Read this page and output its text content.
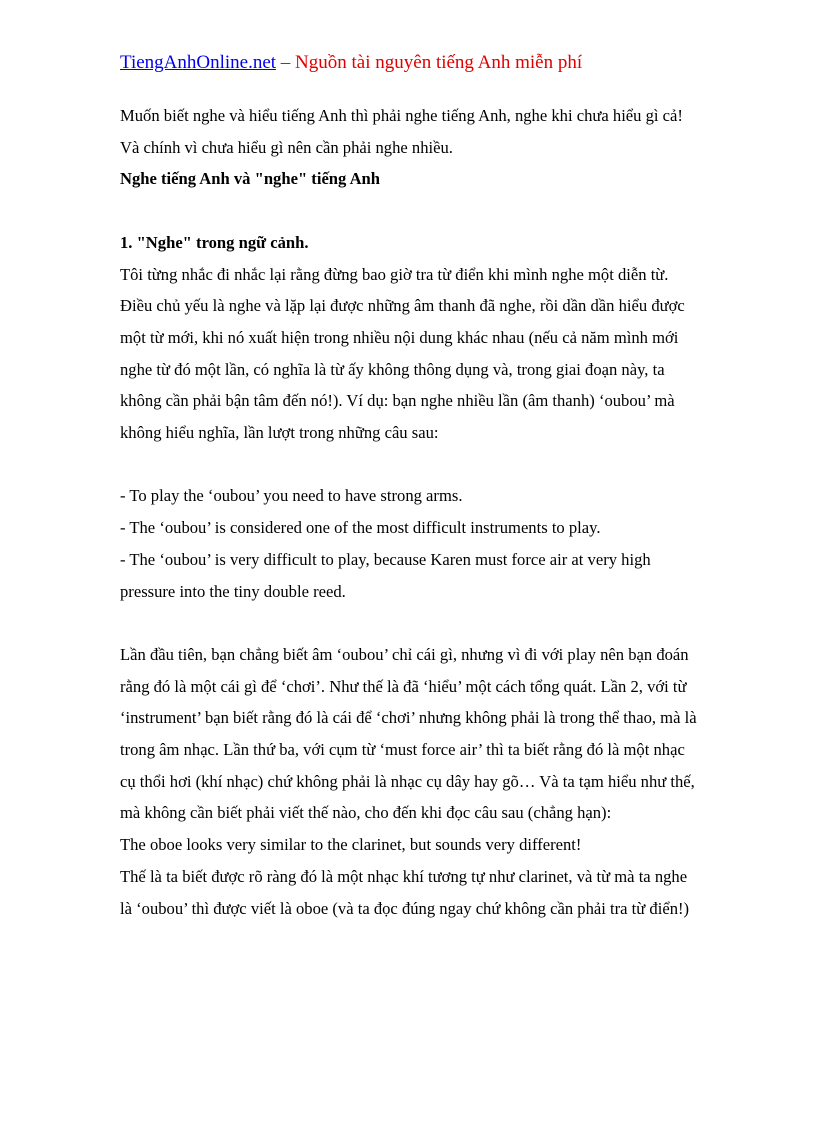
TiengAnhOnline.net – Nguồn tài nguyên tiếng Anh miễn phí

Muốn biết nghe và hiểu tiếng Anh thì phải nghe tiếng Anh, nghe khi chưa hiểu gì cả! Và chính vì chưa hiểu gì nên cần phải nghe nhiều.

Nghe tiếng Anh và "nghe" tiếng Anh

1. "Nghe" trong ngữ cảnh.

Tôi từng nhắc đi nhắc lại rằng đừng bao giờ tra từ điển khi mình nghe một diễn từ. Điều chủ yếu là nghe và lặp lại được những âm thanh đã nghe, rồi dần dần hiểu được một từ mới, khi nó xuất hiện trong nhiều nội dung khác nhau (nếu cả năm mình mới nghe từ đó một lần, có nghĩa là từ ấy không thông dụng và, trong giai đoạn này, ta không cần phải bận tâm đến nó!). Ví dụ: bạn nghe nhiều lần (âm thanh) ‘oubou’ mà không hiểu nghĩa, lần lượt trong những câu sau:

- To play the ‘oubou’ you need to have strong arms.

- The ‘oubou’ is considered one of the most difficult instruments to play.

- The ‘oubou’ is very difficult to play, because Karen must force air at very high pressure into the tiny double reed.

Lần đầu tiên, bạn chẳng biết âm ‘oubou’ chỉ cái gì, nhưng vì đi với play nên bạn đoán rằng đó là một cái gì để ‘chơi’. Như thế là đã ‘hiểu’ một cách tổng quát. Lần 2, với từ ‘instrument’ bạn biết rằng đó là cái để ‘chơi’ nhưng không phải là trong thể thao, mà là trong âm nhạc. Lần thứ ba, với cụm từ ‘must force air’ thì ta biết rằng đó là một nhạc cụ thổi hơi (khí nhạc) chứ không phải là nhạc cụ dây hay gõ… Và ta tạm hiểu như thế, mà không cần biết phải viết thế nào, cho đến khi đọc câu sau (chẳng hạn):

The oboe looks very similar to the clarinet, but sounds very different!

Thế là ta biết được rõ ràng đó là một nhạc khí tương tự như clarinet, và từ mà ta nghe là ‘oubou’ thì được viết là oboe (và ta đọc đúng ngay chứ không cần phải tra từ điển!)
